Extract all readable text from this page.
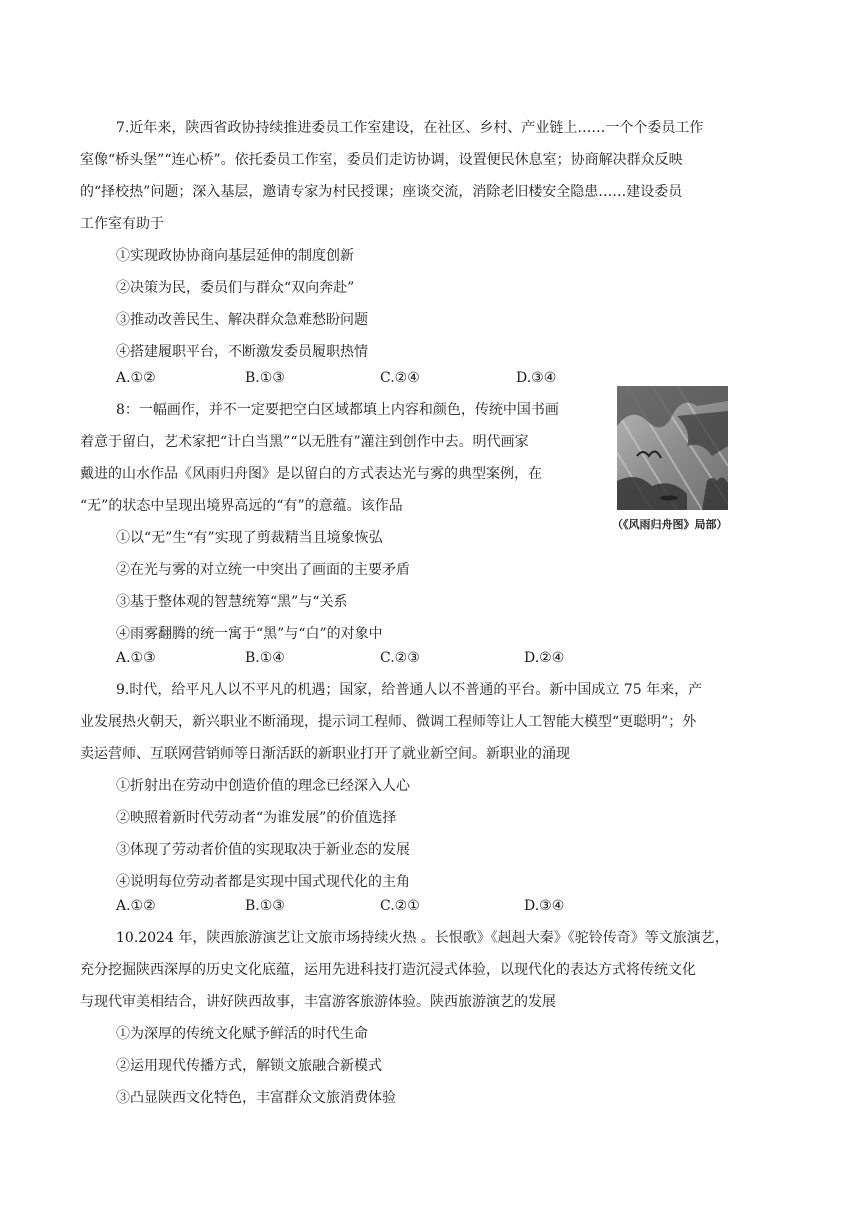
7.近年来，陕西省政协持续推进委员工作室建设，在社区、乡村、产业链上……一个个委员工作
室像“桥头堡”“连心桥”。依托委员工作室，委员们走访协调，设置便民休息室；协商解决群众反映
的“择校热”问题；深入基层，邀请专家为村民授课；座谈交流，消除老旧楼安全隐患……建设委员
工作室有助于
①实现政协协商向基层延伸的制度创新
②决策为民，委员们与群众“双向奔赴”
③推动改善民生、解决群众急难愁盼问题
④搭建履职平台，不断激发委员履职热情
A.①②	B.①③	C.②④	D.③④
8：一幅画作，并不一定要把空白区域都填上内容和颜色，传统中国书画
着意于留白，艺术家把“计白当黑”“以无胜有”灌注到创作中去。明代画家
戴进的山水作品《风雨归舟图》是以留白的方式表达光与雾的典型案例，在
“无”的状态中呈现出境界高远的“有”的意蕴。该作品
①以“无”生“有”实现了剪裁精当且境象恢弘
②在光与雾的对立统一中突出了画面的主要矛盾
③基于整体观的智慧统筹“黑”与“关系
④雨雾翻腾的统一寓于“黑”与“白”的对象中
A.①③	B.①④	C.②③	D.②④
（《风雨归舟图》局部）
9.时代，给平凡人以不平凡的机遇；国家，给普通人以不普通的平台。新中国成立 75 年来，产
业发展热火朝天，新兴职业不断涌现，提示词工程师、微调工程师等让人工智能大模型“更聪明”；外
卖运营师、互联网营销师等日渐活跃的新职业打开了就业新空间。新职业的涌现
①折射出在劳动中创造价值的理念已经深入人心
②映照着新时代劳动者“为谁发展”的价值选择
③体现了劳动者价值的实现取决于新业态的发展
④说明每位劳动者都是实现中国式现代化的主角
A.①②	B.①③	C.②①	D.③④
10.2024 年，陕西旅游演艺让文旅市场持续火热 。长恨歌》《赳赳大秦》《驼铃传奇》等文旅演艺，
充分挖掘陕西深厚的历史文化底蕴，运用先进科技打造沉浸式体验，以现代化的表达方式将传统文化
与现代审美相结合，讲好陕西故事，丰富游客旅游体验。陕西旅游演艺的发展
①为深厚的传统文化赋予鲜活的时代生命
②运用现代传播方式，解锁文旅融合新模式
③凸显陕西文化特色，丰富群众文旅消费体验
